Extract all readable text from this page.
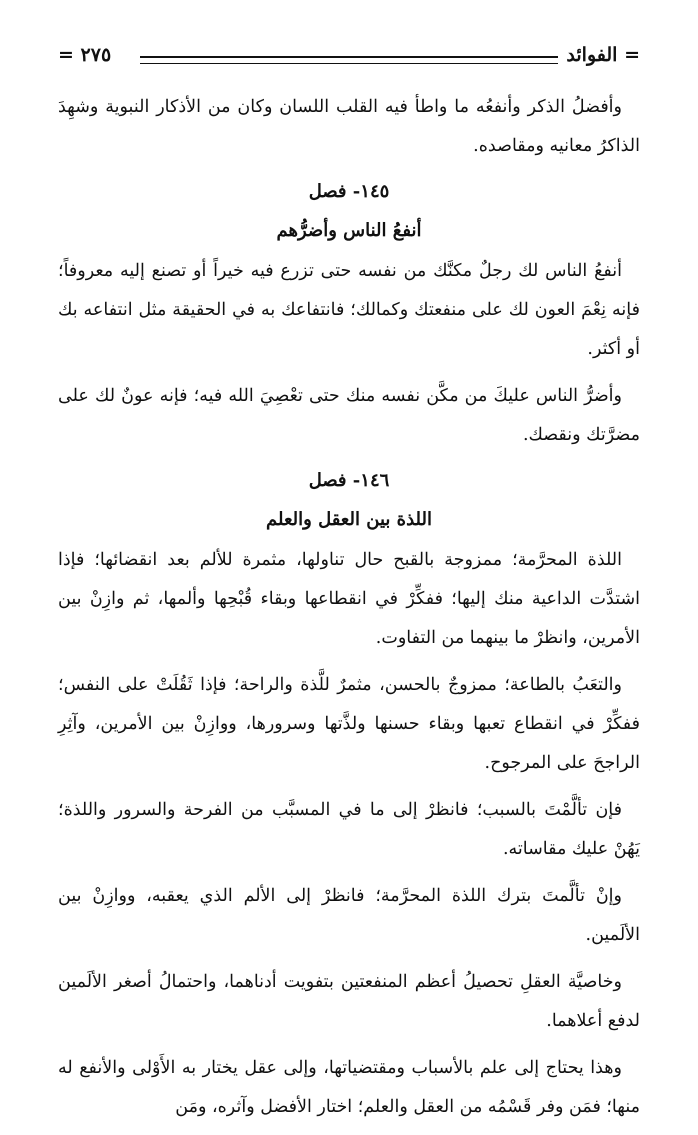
= الفوائد
٢٧٥ =

وأفضلُ الذكر وأنفعُه ما واطأ فيه القلب اللسان وكان من الأذكار النبوية وشهِدَ الذاكرُ معانيه ومقاصده.

١٤٥- فصل
أنفعُ الناس وأضرُّهم

أنفعُ الناس لك رجلٌ مكنَّك من نفسه حتى تزرع فيه خيراً أو تصنع إليه معروفاً؛ فإنه نِعْمَ العون لك على منفعتك وكمالك؛ فانتفاعك به في الحقيقة مثل انتفاعه بك أو أكثر.

وأضرُّ الناس عليكَ من مكَّن نفسه منك حتى تعْصِيَ الله فيه؛ فإنه عونٌ لك على مضرَّتك ونقصك.

١٤٦- فصل
اللذة بين العقل والعلم

اللذة المحرَّمة؛ ممزوجة بالقبح حال تناولها، مثمرة للألم بعد انقضائها؛ فإذا اشتدَّت الداعية منك إليها؛ ففكِّرْ في انقطاعها وبقاء قُبْحِها وألمها، ثم وازِنْ بين الأمرين، وانظرْ ما بينهما من التفاوت.

والتعَبُ بالطاعة؛ ممزوجٌ بالحسن، مثمرٌ للَّذة والراحة؛ فإذا ثَقُلَتْ على النفس؛ ففكِّرْ في انقطاع تعبها وبقاء حسنها ولذَّتها وسرورها، ووازِنْ بين الأمرين، وآثِرِ الراجحَ على المرجوح.

فإن تألَّمْتَ بالسبب؛ فانظرْ إلى ما في المسبَّب من الفرحة والسرور واللذة؛ يَهُنْ عليك مقاساته.

وإنْ تألَّمتَ بترك اللذة المحرَّمة؛ فانظرْ إلى الألم الذي يعقبه، ووازِنْ بين الألَمين.

وخاصيَّة العقلِ تحصيلُ أعظم المنفعتين بتفويت أدناهما، واحتمالُ أصغر الألَمين لدفع أعلاهما.

وهذا يحتاج إلى علم بالأسباب ومقتضياتها، وإلى عقل يختار به الأَوْلى والأنفع له منها؛ فمَن وفر قَسْمُه من العقل والعلم؛ اختار الأفضل وآثره، ومَن
